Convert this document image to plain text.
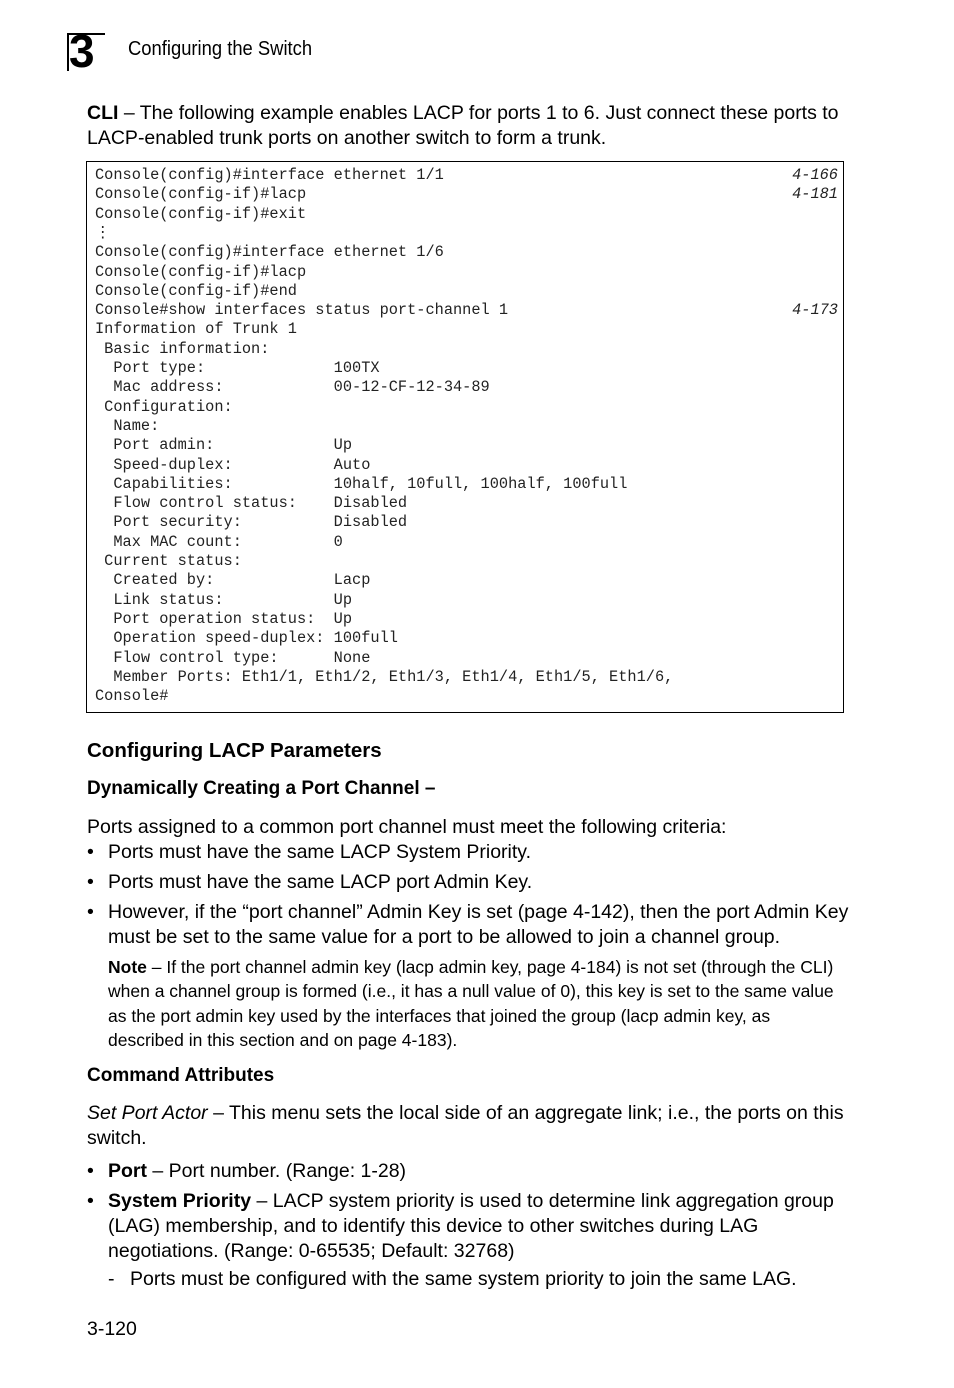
3 Configuring the Switch
CLI – The following example enables LACP for ports 1 to 6. Just connect these ports to LACP-enabled trunk ports on another switch to form a trunk.
Console(config)#interface ethernet 1/1	4-166
Console(config-if)#lacp	4-181
Console(config-if)#exit
⋮
Console(config)#interface ethernet 1/6
Console(config-if)#lacp
Console(config-if)#end
Console#show interfaces status port-channel 1	4-173
Information of Trunk 1
Basic information:
Port type:              100TX
Mac address:            00-12-CF-12-34-89
Configuration:
Name:
Port admin:             Up
Speed-duplex:           Auto
Capabilities:           10half, 10full, 100half, 100full
Flow control status:    Disabled
Port security:          Disabled
Max MAC count:          0
Current status:
Created by:             Lacp
Link status:            Up
Port operation status:  Up
Operation speed-duplex: 100full
Flow control type:      None
Member Ports: Eth1/1, Eth1/2, Eth1/3, Eth1/4, Eth1/5, Eth1/6,
Console#
Configuring LACP Parameters
Dynamically Creating a Port Channel –
Ports assigned to a common port channel must meet the following criteria:
• Ports must have the same LACP System Priority.
• Ports must have the same LACP port Admin Key.
• However, if the “port channel” Admin Key is set (page 4-142), then the port Admin Key must be set to the same value for a port to be allowed to join a channel group.
Note – If the port channel admin key (lacp admin key, page 4-184) is not set (through the CLI) when a channel group is formed (i.e., it has a null value of 0), this key is set to the same value as the port admin key used by the interfaces that joined the group (lacp admin key, as described in this section and on page 4-183).
Command Attributes
Set Port Actor – This menu sets the local side of an aggregate link; i.e., the ports on this switch.
• Port – Port number. (Range: 1-28)
• System Priority – LACP system priority is used to determine link aggregation group (LAG) membership, and to identify this device to other switches during LAG negotiations. (Range: 0-65535; Default: 32768)
- Ports must be configured with the same system priority to join the same LAG.
3-120
